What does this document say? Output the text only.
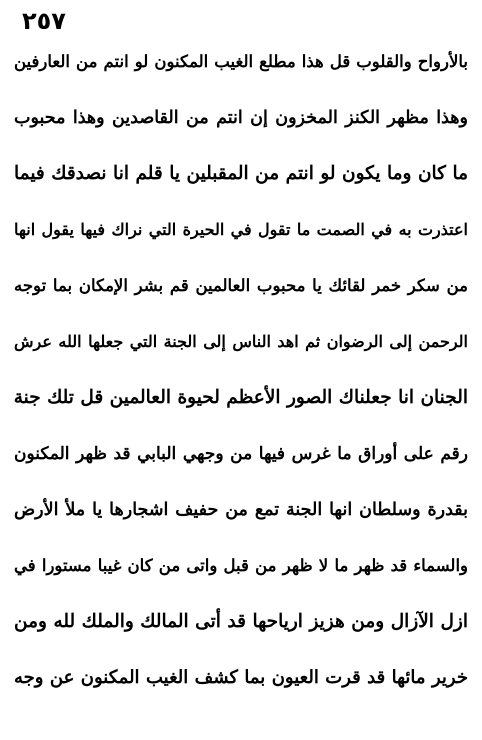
٢٥٧
بالأرواح والقلوب قل هذا مطلع الغيب المكنون لو انتم من العارفين
وهذا مظهر الكنز المخزون إن انتم من القاصدين وهذا محبوب
ما كان وما يكون لو انتم من المقبلين يا قلم انا نصدقك فيما
اعتذرت به في الصمت ما تقول في الحيرة التي نراك فيها يقول انها
من سكر خمر لقائك يا محبوب العالمين قم بشر الإمكان بما توجه
الرحمن إلى الرضوان ثم اهد الناس إلى الجنة التي جعلها الله عرش
الجنان انا جعلناك الصور الأعظم لحيوة العالمين قل تلك جنة
رقم على أوراق ما غرس فيها من وجهي البابي قد ظهر المكنون
بقدرة وسلطان انها الجنة تمع من حفيف اشجارها يا ملأ الأرض
والسماء قد ظهر ما لا ظهر من قبل واتى من كان غيبا مستورا في
ازل الآزال ومن هزيز ارياحها قد أتى المالك والملك لله ومن
خرير مائها قد قرت العيون بما كشف الغيب المكنون عن وجه
